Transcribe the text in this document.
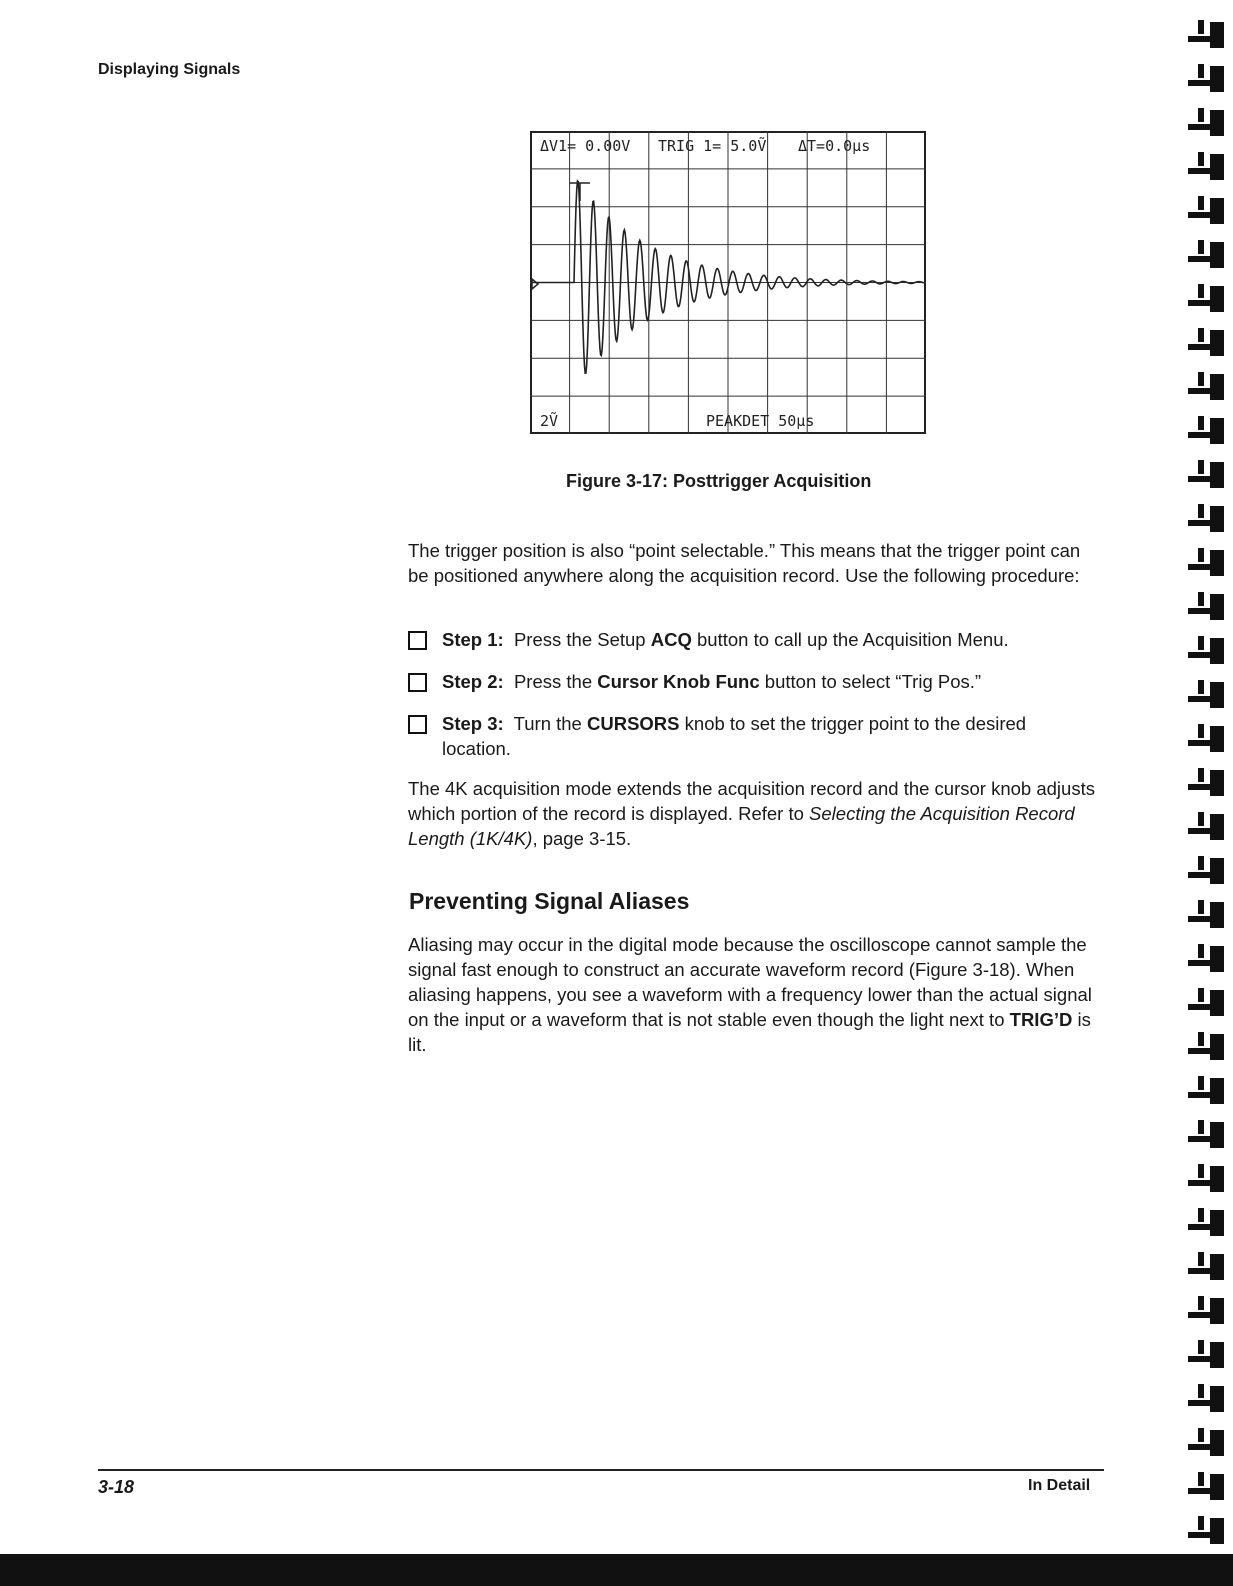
Displaying Signals
ΔV1= 0.00V TRIG 1= 5.0Ṽ ΔT=0.0μs
2Ṽ	PEAKDET 50μs
Figure 3-17: Posttrigger Acquisition
The trigger position is also “point selectable.” This means that the trigger point can be positioned anywhere along the acquisition record. Use the following procedure:
Step 1: Press the Setup ACQ button to call up the Acquisition Menu.
Step 2: Press the Cursor Knob Func button to select “Trig Pos.”
Step 3: Turn the CURSORS knob to set the trigger point to the desired location.
The 4K acquisition mode extends the acquisition record and the cursor knob adjusts which portion of the record is displayed. Refer to Selecting the Acquisition Record Length (1K/4K), page 3-15.
Preventing Signal Aliases
Aliasing may occur in the digital mode because the oscilloscope cannot sample the signal fast enough to construct an accurate waveform record (Figure 3-18). When aliasing happens, you see a waveform with a frequency lower than the actual signal on the input or a waveform that is not stable even though the light next to TRIG’D is lit.
3-18	In Detail
